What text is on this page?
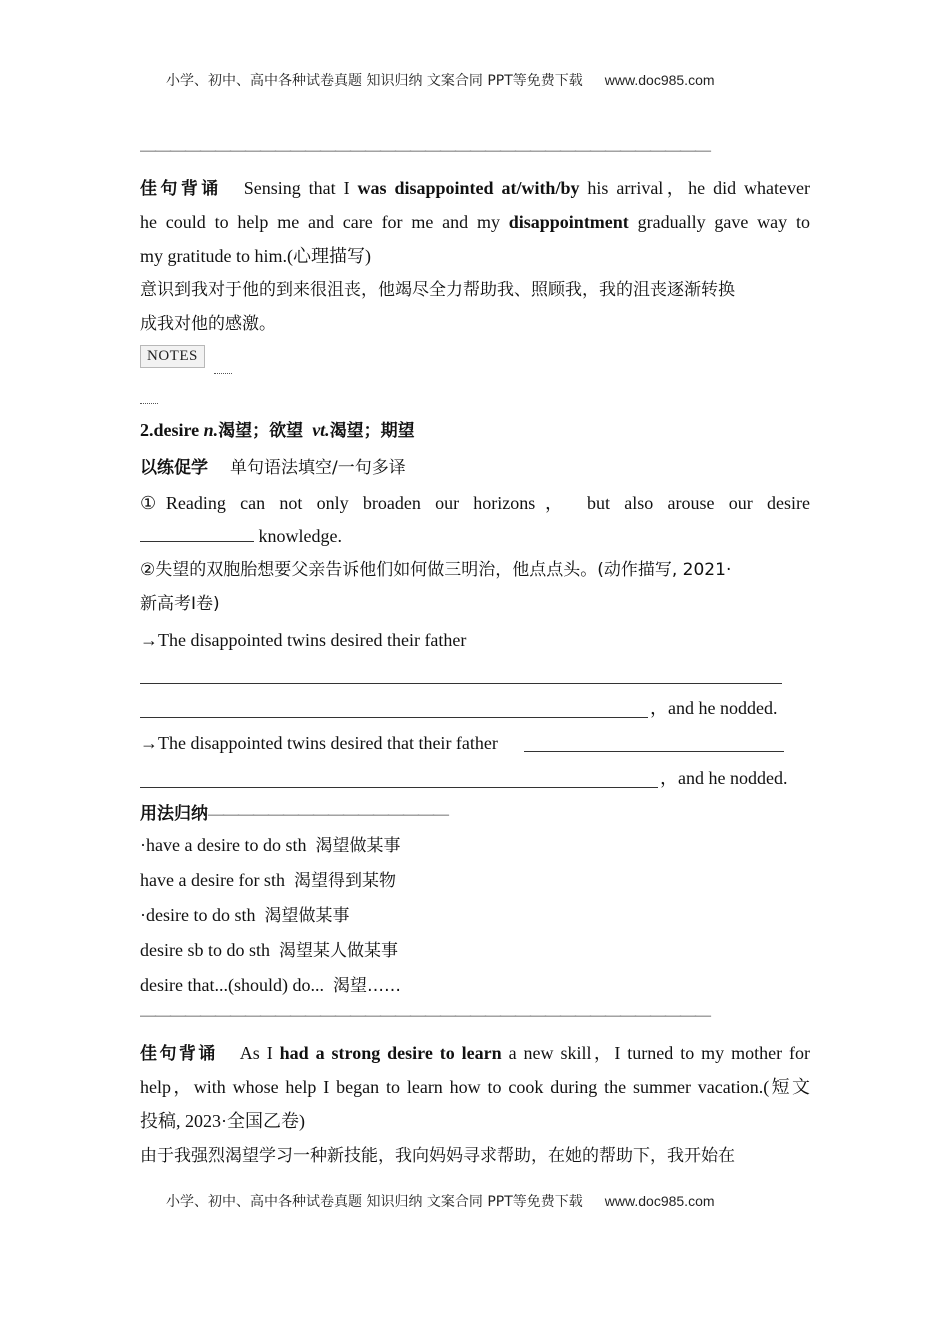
小学、初中、高中各种试卷真题 知识归纳 文案合同 PPT等免费下载 www.doc985.com
——————————————————————————————————————
佳句背诵 Sensing that I was disappointed at/with/by his arrival，he did whatever
he could to help me and care for me and my disappointment gradually gave way to
my gratitude to him.(心理描写)
意识到我对于他的到来很沮丧，他竭尽全力帮助我、照顾我，我的沮丧逐渐转换
成我对他的感激。
NOTES
2.desire n.渴望；欲望 vt.渴望；期望
以练促学 单句语法填空/一句多译
①Reading can not only broaden our horizons， but also arouse our desire
knowledge.
②失望的双胞胎想要父亲告诉他们如何做三明治，他点点头。(动作描写, 2021·
新高考Ⅰ卷)
→The disappointed twins desired their father
，and he nodded.
→The disappointed twins desired that their father
，and he nodded.
用法归纳————————————————
·have a desire to do sth 渴望做某事
have a desire for sth 渴望得到某物
·desire to do sth 渴望做某事
desire sb to do sth 渴望某人做某事
desire that...(should) do... 渴望……
——————————————————————————————————————
佳句背诵 As I had a strong desire to learn a new skill，I turned to my mother for
help，with whose help I began to learn how to cook during the summer vacation.(短文
投稿, 2023·全国乙卷)
由于我强烈渴望学习一种新技能，我向妈妈寻求帮助，在她的帮助下，我开始在
小学、初中、高中各种试卷真题 知识归纳 文案合同 PPT等免费下载 www.doc985.com
